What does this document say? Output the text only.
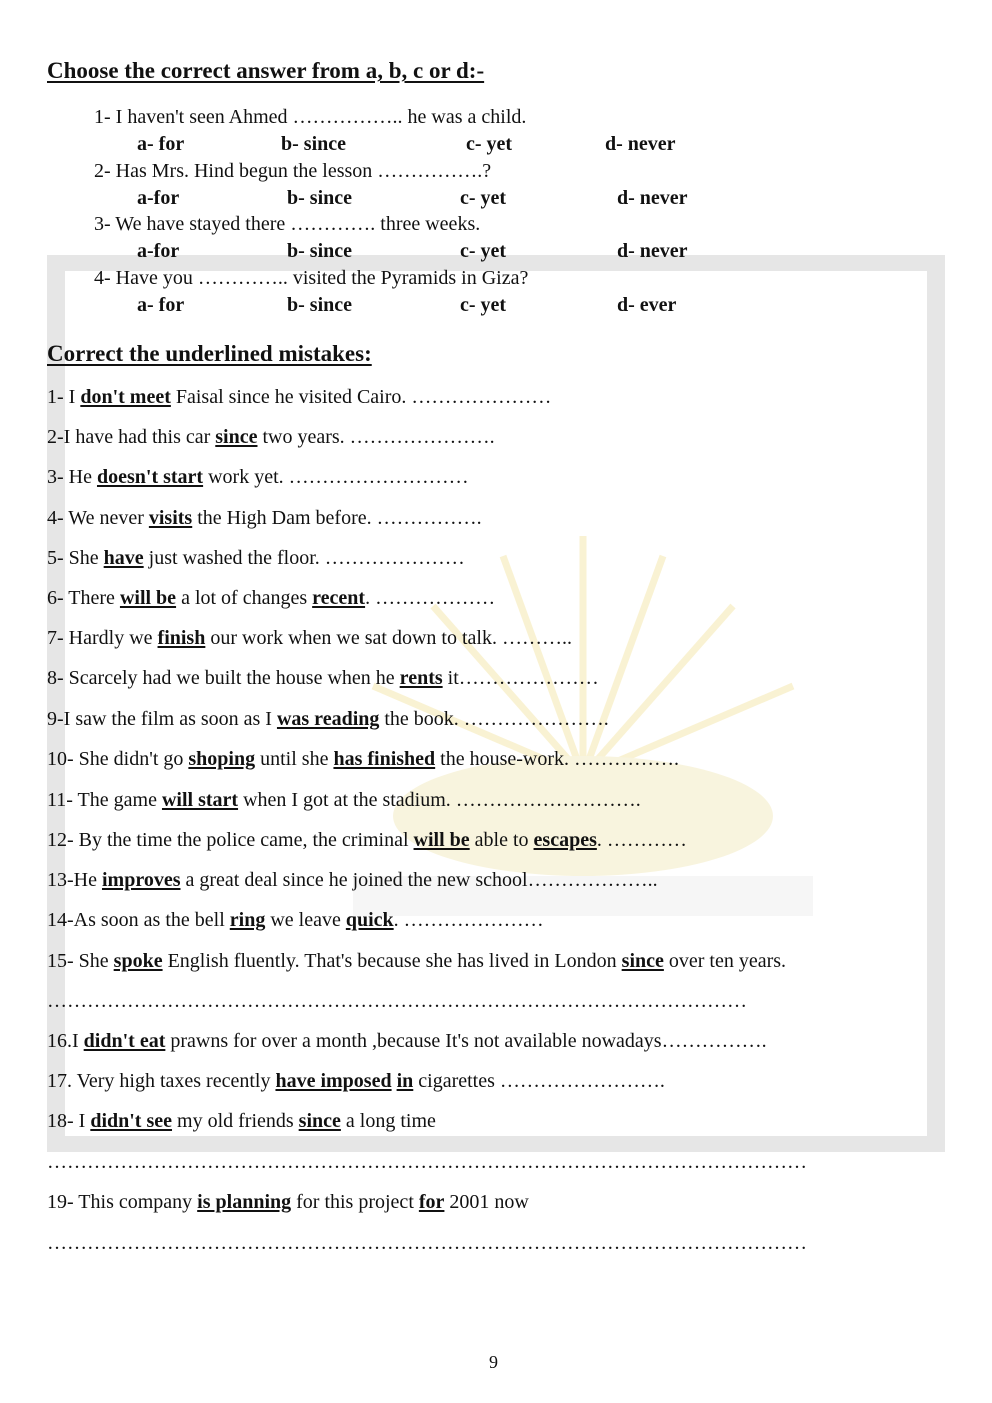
Choose the correct answer from a, b, c or d:-

1- I haven't seen Ahmed …………….. he was a child.

a- for	b- since	c- yet	d- never

2- Has Mrs. Hind begun the lesson …………….?

a-for	b- since	c- yet	d- never

3- We have stayed there …………. three weeks.

a-for	b- since	c- yet	d- never

4- Have you ………….. visited the Pyramids in Giza?

a- for	b- since	c- yet	d- ever
Correct the underlined mistakes:

1- I don't meet Faisal since he visited Cairo. …………………

2-I have had this car since two years. ………………….

3- He doesn't start work yet. ………………………

4- We never visits the High Dam before. …………….

5- She have just washed the floor. …………………

6- There will be a lot of changes recent. ………………

7- Hardly we finish our work when we sat down to talk. ………..

8- Scarcely had we built the house when he rents it…………………

9-I saw the film as soon as I was reading the book. ………………….

10- She didn't go shoping until she has finished the house-work. …………….

11- The game will start when I got at the stadium. ……………………….

12- By the time the police came, the criminal will be able to escapes. …………

13-He improves a great deal since he joined the new school………………..

14-As soon as the bell ring we leave quick. …………………

15- She spoke English fluently. That's because she has lived in London since over ten years.

……………………………………………………………………………………………

16.I didn't eat prawns for over a month ,because It's not available nowadays…………….

17. Very high taxes recently have imposed in cigarettes …………………….

18- I didn't see my old friends since a long time

……………………………………………………………………………………………………

19- This company is planning for this project for 2001 now

……………………………………………………………………………………………………

9
